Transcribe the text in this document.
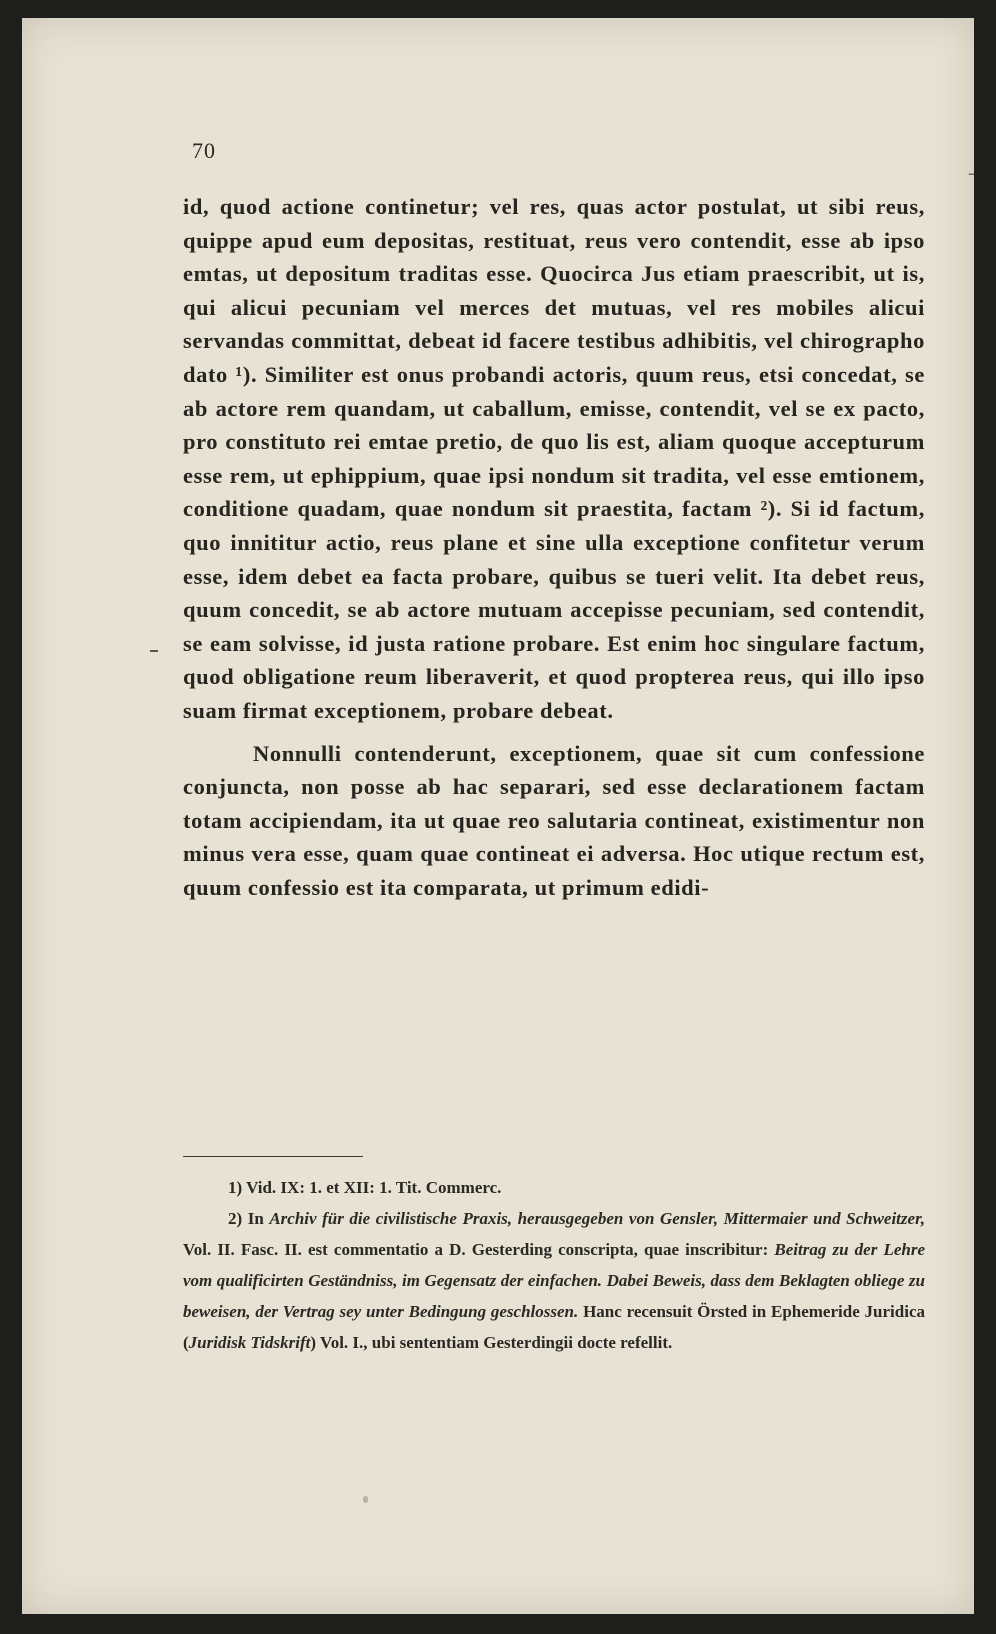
70
-

id, quod actione continetur; vel res, quas actor postulat, ut sibi reus, quippe apud eum depositas, restituat, reus vero contendit, esse ab ipso emtas, ut depositum traditas esse. Quocirca Jus etiam praescribit, ut is, qui alicui pecuniam vel merces det mutuas, vel res mobiles alicui servandas committat, debeat id facere testibus adhibitis, vel chirographo dato ¹). Similiter est onus probandi actoris, quum reus, etsi concedat, se ab actore rem quandam, ut caballum, emisse, contendit, vel se ex pacto, pro constituto rei emtae pretio, de quo lis est, aliam quoque accepturum esse rem, ut ephippium, quae ipsi nondum sit tradita, vel esse emtionem, conditione quadam, quae nondum sit praestita, factam ²). Si id factum, quo innititur actio, reus plane et sine ulla exceptione confitetur verum esse, idem debet ea facta probare, quibus se tueri velit. Ita debet reus, quum concedit, se ab actore mutuam accepisse pecuniam, sed contendit, se eam solvisse, id justa ratione probare. Est enim hoc singulare factum, quod obligatione reum liberaverit, et quod propterea reus, qui illo ipso suam firmat exceptionem, probare debeat.

Nonnulli contenderunt, exceptionem, quae sit cum confessione conjuncta, non posse ab hac separari, sed esse declarationem factam totam accipiendam, ita ut quae reo salutaria contineat, existimentur non minus vera esse, quam quae contineat ei adversa. Hoc utique rectum est, quum confessio est ita comparata, ut primum edidi-

1) Vid. IX: 1. et XII: 1. Tit. Commerc.

2) In Archiv für die civilistische Praxis, herausgegeben von Gensler, Mittermaier und Schweitzer, Vol. II. Fasc. II. est commentatio a D. Gesterding conscripta, quae inscribitur: Beitrag zu der Lehre vom qualificirten Geständniss, im Gegensatz der einfachen. Dabei Beweis, dass dem Beklagten obliege zu beweisen, der Vertrag sey unter Bedingung geschlossen. Hanc recensuit Örsted in Ephemeride Juridica (Juridisk Tidskrift) Vol. I., ubi sententiam Gesterdingii docte refellit.
